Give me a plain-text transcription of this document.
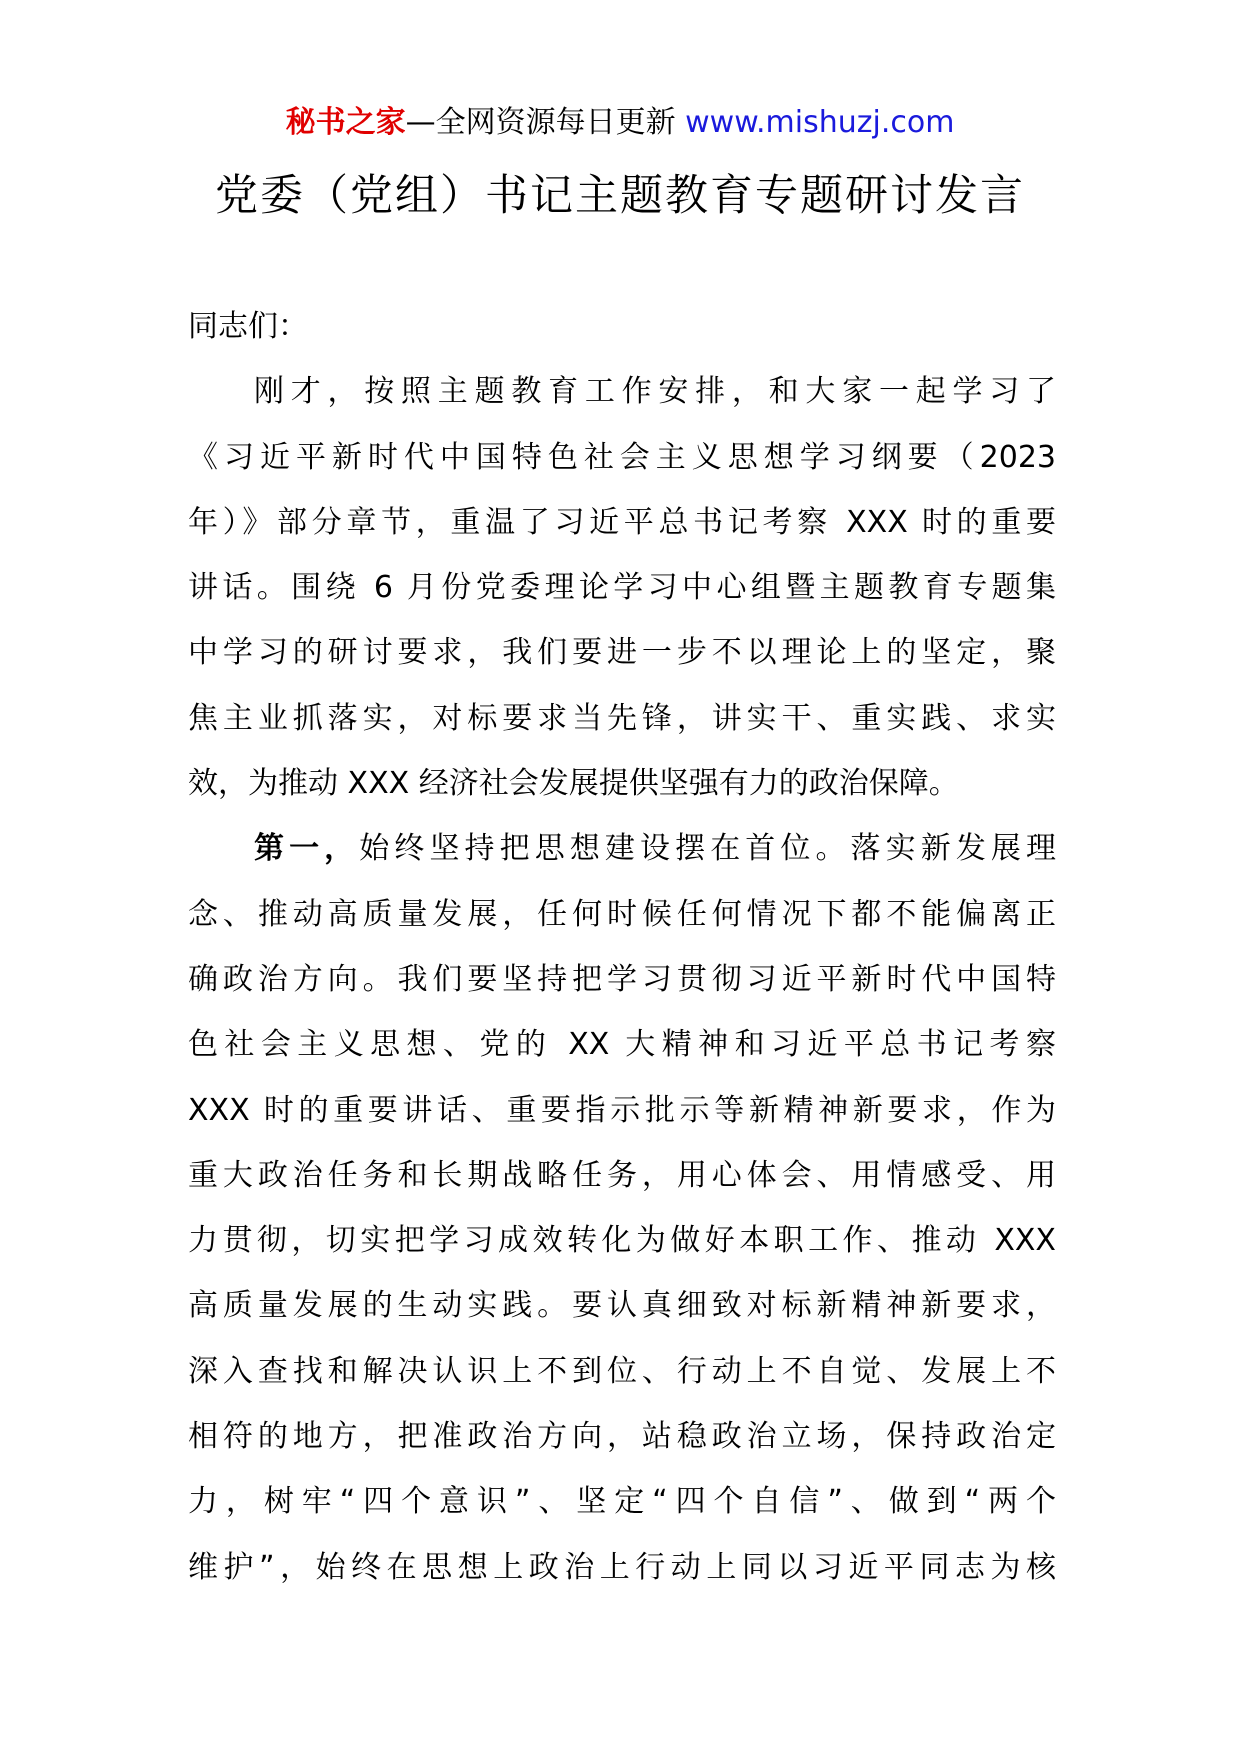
秘书之家—全网资源每日更新 www.mishuzj.com
党委（党组）书记主题教育专题研讨发言
同志们：
刚才，按照主题教育工作安排，和大家一起学习了
《习近平新时代中国特色社会主义思想学习纲要（2023
年）》部分章节，重温了习近平总书记考察 XXX 时的重要
讲话。围绕 6 月份党委理论学习中心组暨主题教育专题集
中学习的研讨要求，我们要进一步不以理论上的坚定，聚
焦主业抓落实，对标要求当先锋，讲实干、重实践、求实
效，为推动 XXX 经济社会发展提供坚强有力的政治保障。
第一，始终坚持把思想建设摆在首位。落实新发展理
念、推动高质量发展，任何时候任何情况下都不能偏离正
确政治方向。我们要坚持把学习贯彻习近平新时代中国特
色社会主义思想、党的 XX 大精神和习近平总书记考察
XXX 时的重要讲话、重要指示批示等新精神新要求，作为
重大政治任务和长期战略任务，用心体会、用情感受、用
力贯彻，切实把学习成效转化为做好本职工作、推动 XXX
高质量发展的生动实践。要认真细致对标新精神新要求，
深入查找和解决认识上不到位、行动上不自觉、发展上不
相符的地方，把准政治方向，站稳政治立场，保持政治定
力，树牢“四个意识”、坚定“四个自信”、做到“两个
维护”，始终在思想上政治上行动上同以习近平同志为核
